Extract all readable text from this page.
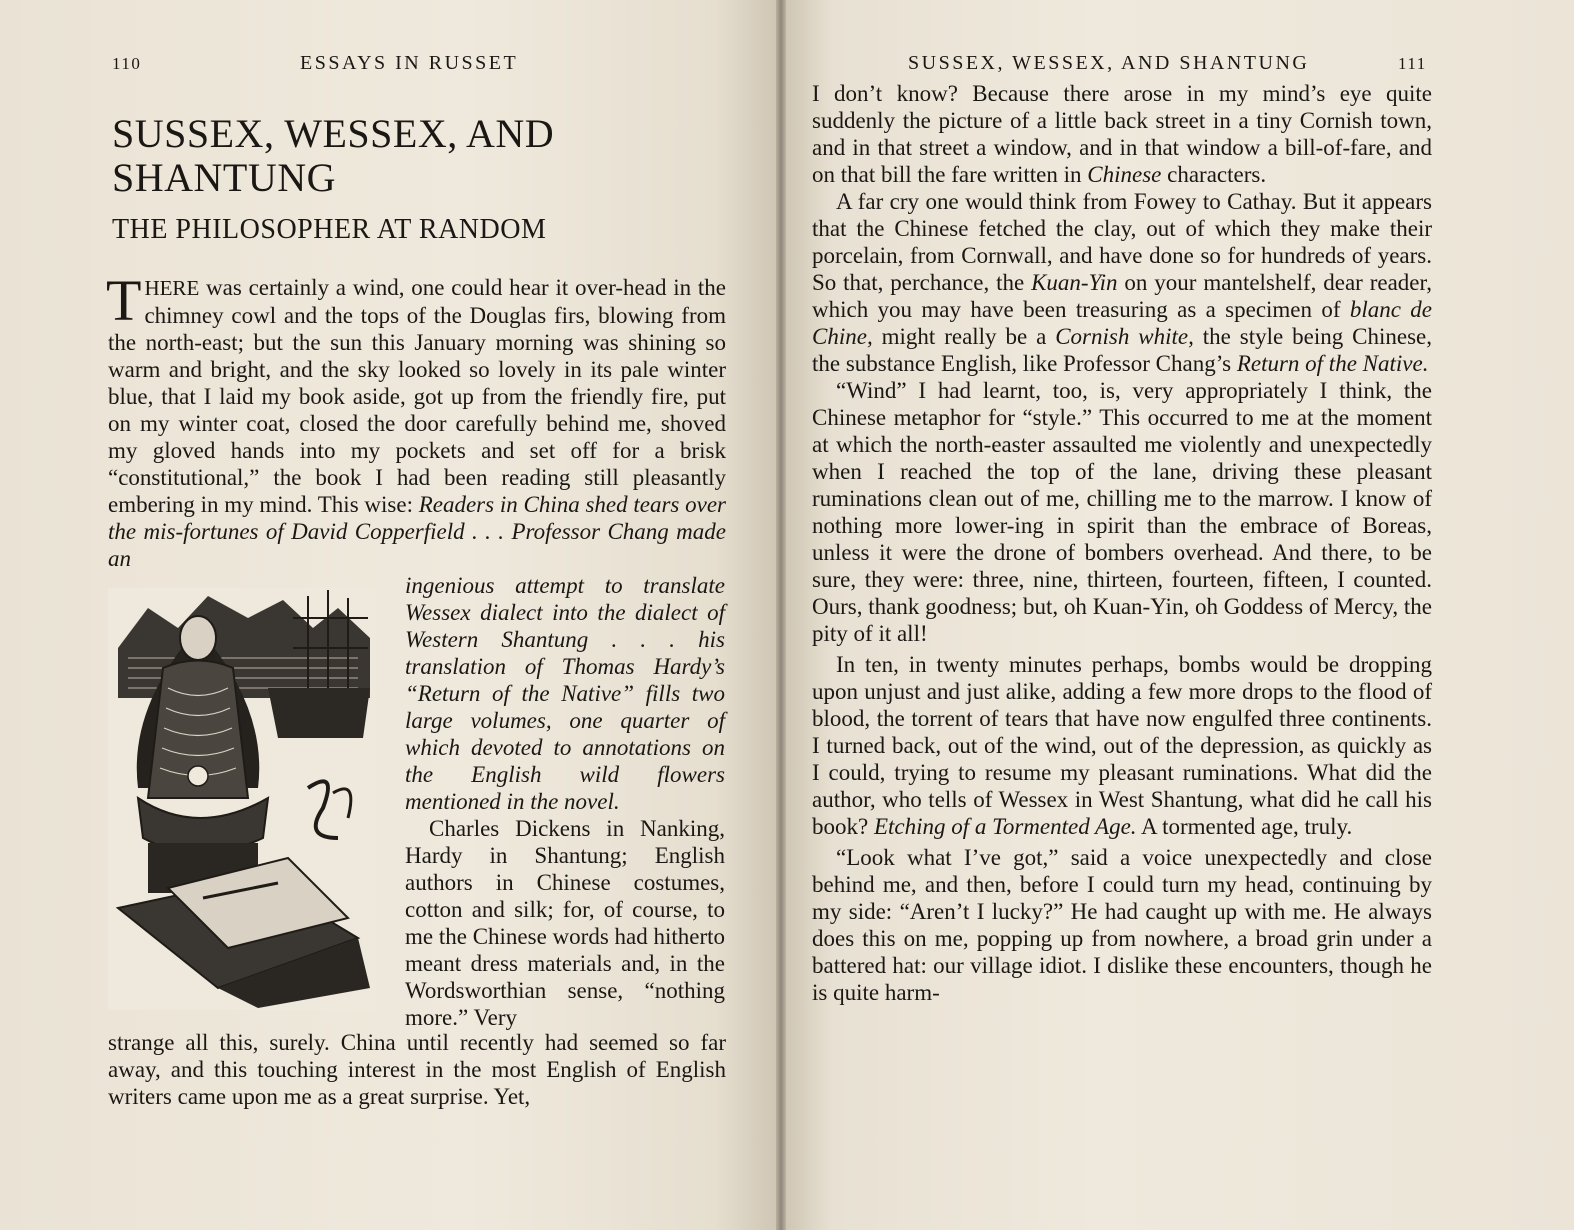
110	ESSAYS IN RUSSET
SUSSEX, WESSEX, AND
SHANTUNG
THE PHILOSOPHER AT RANDOM

THERE was certainly a wind, one could hear it over-head in the chimney cowl and the tops of the Douglas firs, blowing from the north-east; but the sun this January morning was shining so warm and bright, and the sky looked so lovely in its pale winter blue, that I laid my book aside, got up from the friendly fire, put on my winter coat, closed the door carefully behind me, shoved my gloved hands into my pockets and set off for a brisk “constitutional,” the book I had been reading still pleasantly embering in my mind. This wise: Readers in China shed tears over the mis-fortunes of David Copperfield . . . Professor Chang made an

ingenious attempt to translate Wessex dialect into the dialect of Western Shantung . . . his translation of Thomas Hardy’s “Return of the Native” fills two large volumes, one quarter of which devoted to annotations on the English wild flowers mentioned in the novel.

Charles Dickens in Nanking, Hardy in Shantung; English authors in Chinese costumes, cotton and silk; for, of course, to me the Chinese words had hitherto meant dress materials and, in the Wordsworthian sense, “nothing more.” Very

strange all this, surely. China until recently had seemed so far away, and this touching interest in the most English of English writers came upon me as a great surprise. Yet,

SUSSEX, WESSEX, AND SHANTUNG	111

I don’t know? Because there arose in my mind’s eye quite suddenly the picture of a little back street in a tiny Cornish town, and in that street a window, and in that window a bill-of-fare, and on that bill the fare written in Chinese characters.

A far cry one would think from Fowey to Cathay. But it appears that the Chinese fetched the clay, out of which they make their porcelain, from Cornwall, and have done so for hundreds of years. So that, perchance, the Kuan-Yin on your mantelshelf, dear reader, which you may have been treasuring as a specimen of blanc de Chine, might really be a Cornish white, the style being Chinese, the substance English, like Professor Chang’s Return of the Native.

“Wind” I had learnt, too, is, very appropriately I think, the Chinese metaphor for “style.” This occurred to me at the moment at which the north-easter assaulted me violently and unexpectedly when I reached the top of the lane, driving these pleasant ruminations clean out of me, chilling me to the marrow. I know of nothing more lower-ing in spirit than the embrace of Boreas, unless it were the drone of bombers overhead. And there, to be sure, they were: three, nine, thirteen, fourteen, fifteen, I counted. Ours, thank goodness; but, oh Kuan-Yin, oh Goddess of Mercy, the pity of it all!

In ten, in twenty minutes perhaps, bombs would be dropping upon unjust and just alike, adding a few more drops to the flood of blood, the torrent of tears that have now engulfed three continents. I turned back, out of the wind, out of the depression, as quickly as I could, trying to resume my pleasant ruminations. What did the author, who tells of Wessex in West Shantung, what did he call his book? Etching of a Tormented Age. A tormented age, truly.

“Look what I’ve got,” said a voice unexpectedly and close behind me, and then, before I could turn my head, continuing by my side: “Aren’t I lucky?” He had caught up with me. He always does this on me, popping up from nowhere, a broad grin under a battered hat: our village idiot. I dislike these encounters, though he is quite harm-
